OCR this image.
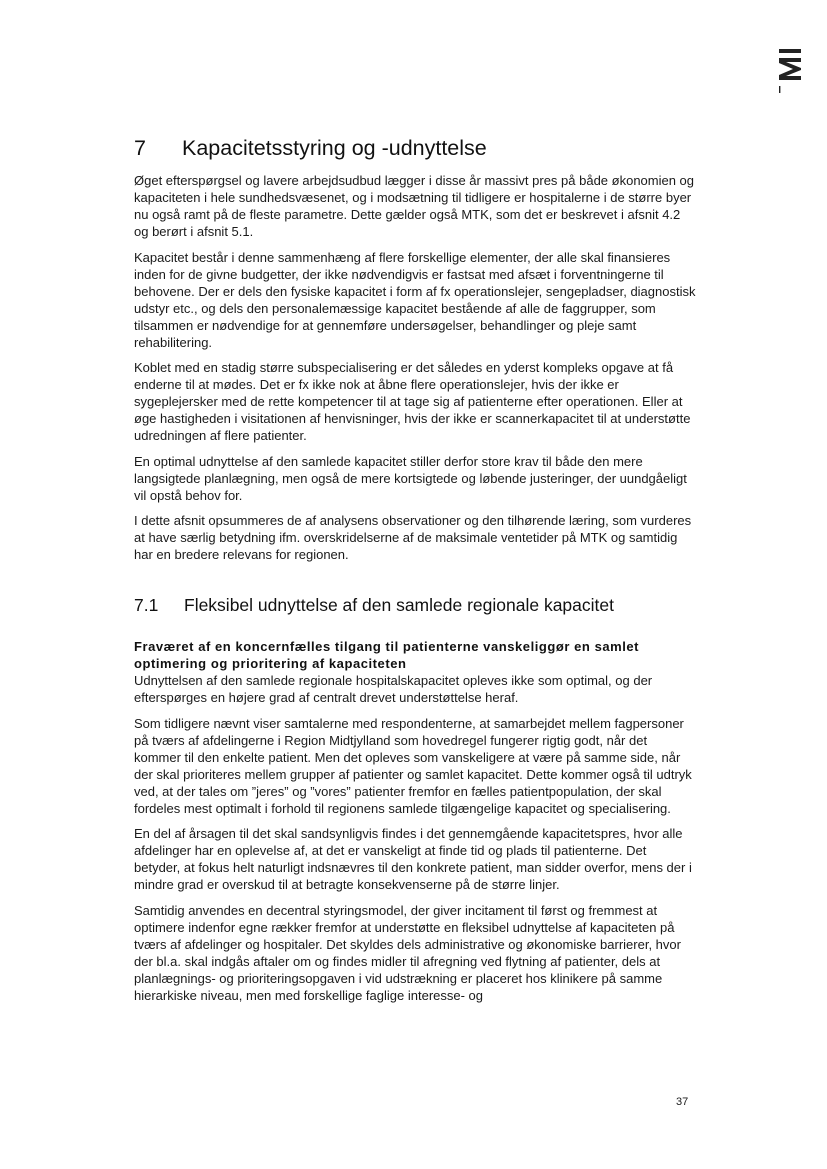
7 Kapacitetsstyring og -udnyttelse

Øget efterspørgsel og lavere arbejdsudbud lægger i disse år massivt pres på både økonomien og kapaciteten i hele sundhedsvæsenet, og i modsætning til tidligere er hospitalerne i de større byer nu også ramt på de fleste parametre. Dette gælder også MTK, som det er beskrevet i afsnit 4.2 og berørt i afsnit 5.1.

Kapacitet består i denne sammenhæng af flere forskellige elementer, der alle skal finansieres inden for de givne budgetter, der ikke nødvendigvis er fastsat med afsæt i forventningerne til behovene. Der er dels den fysiske kapacitet i form af fx operationslejer, sengepladser, diagnostisk udstyr etc., og dels den personalemæssige kapacitet bestående af alle de faggrupper, som tilsammen er nødvendige for at gennemføre undersøgelser, behandlinger og pleje samt rehabilitering.

Koblet med en stadig større subspecialisering er det således en yderst kompleks opgave at få enderne til at mødes. Det er fx ikke nok at åbne flere operationslejer, hvis der ikke er sygeplejersker med de rette kompetencer til at tage sig af patienterne efter operationen. Eller at øge hastigheden i visitationen af henvisninger, hvis der ikke er scannerkapacitet til at understøtte udredningen af flere patienter.

En optimal udnyttelse af den samlede kapacitet stiller derfor store krav til både den mere langsigtede planlægning, men også de mere kortsigtede og løbende justeringer, der uundgåeligt vil opstå behov for.

I dette afsnit opsummeres de af analysens observationer og den tilhørende læring, som vurderes at have særlig betydning ifm. overskridelserne af de maksimale ventetider på MTK og samtidig har en bredere relevans for regionen.

7.1 Fleksibel udnyttelse af den samlede regionale kapacitet
Fraværet af en koncernfælles tilgang til patienterne vanskeliggør en samlet optimering og prioritering af kapaciteten

Udnyttelsen af den samlede regionale hospitalskapacitet opleves ikke som optimal, og der efterspørges en højere grad af centralt drevet understøttelse heraf.

Som tidligere nævnt viser samtalerne med respondenterne, at samarbejdet mellem fagpersoner på tværs af afdelingerne i Region Midtjylland som hovedregel fungerer rigtig godt, når det kommer til den enkelte patient. Men det opleves som vanskeligere at være på samme side, når der skal prioriteres mellem grupper af patienter og samlet kapacitet. Dette kommer også til udtryk ved, at der tales om ”jeres” og ”vores” patienter fremfor en fælles patientpopulation, der skal fordeles mest optimalt i forhold til regionens samlede tilgængelige kapacitet og specialisering.

En del af årsagen til det skal sandsynligvis findes i det gennemgående kapacitetspres, hvor alle afdelinger har en oplevelse af, at det er vanskeligt at finde tid og plads til patienterne. Det betyder, at fokus helt naturligt indsnævres til den konkrete patient, man sidder overfor, mens der i mindre grad er overskud til at betragte konsekvenserne på de større linjer.

Samtidig anvendes en decentral styringsmodel, der giver incitament til først og fremmest at optimere indenfor egne rækker fremfor at understøtte en fleksibel udnyttelse af kapaciteten på tværs af afdelinger og hospitaler. Det skyldes dels administrative og økonomiske barrierer, hvor der bl.a. skal indgås aftaler om og findes midler til afregning ved flytning af patienter, dels at planlægnings- og prioriteringsopgaven i vid udstrækning er placeret hos klinikere på samme hierarkiske niveau, men med forskellige faglige interesse- og

37
